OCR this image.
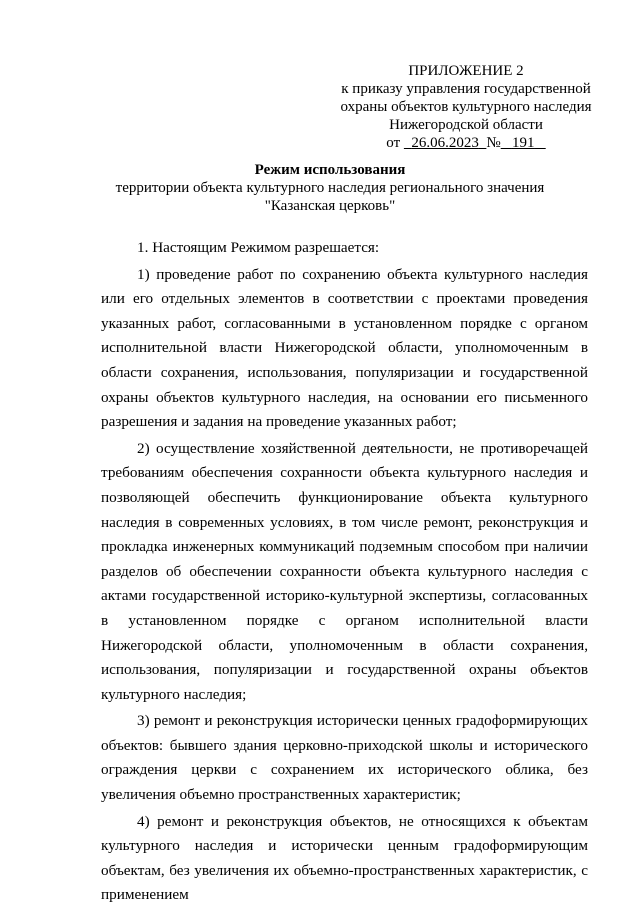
ПРИЛОЖЕНИЕ 2
к приказу управления государственной
охраны объектов культурного наследия
Нижегородской области
от 26.06.2023 № 191
Режим использования
территории объекта культурного наследия регионального значения
"Казанская церковь"

1. Настоящим Режимом разрешается:

1) проведение работ по сохранению объекта культурного наследия или его отдельных элементов в соответствии с проектами проведения указанных работ, согласованными в установленном порядке с органом исполнительной власти Нижегородской области, уполномоченным в области сохранения, использования, популяризации и государственной охраны объектов культурного наследия, на основании его письменного разрешения и задания на проведение указанных работ;

2) осуществление хозяйственной деятельности, не противоречащей требованиям обеспечения сохранности объекта культурного наследия и позволяющей обеспечить функционирование объекта культурного наследия в современных условиях, в том числе ремонт, реконструкция и прокладка инженерных коммуникаций подземным способом при наличии разделов об обеспечении сохранности объекта культурного наследия с актами государственной историко-культурной экспертизы, согласованных в установленном порядке с органом исполнительной власти Нижегородской области, уполномоченным в области сохранения, использования, популяризации и государственной охраны объектов культурного наследия;

3) ремонт и реконструкция исторически ценных градоформирующих объектов: бывшего здания церковно-приходской школы и исторического ограждения церкви с сохранением их исторического облика, без увеличения объемно пространственных характеристик;

4) ремонт и реконструкция объектов, не относящихся к объектам культурного наследия и исторически ценным градоформирующим объектам, без увеличения их объемно-пространственных характеристик, с применением
